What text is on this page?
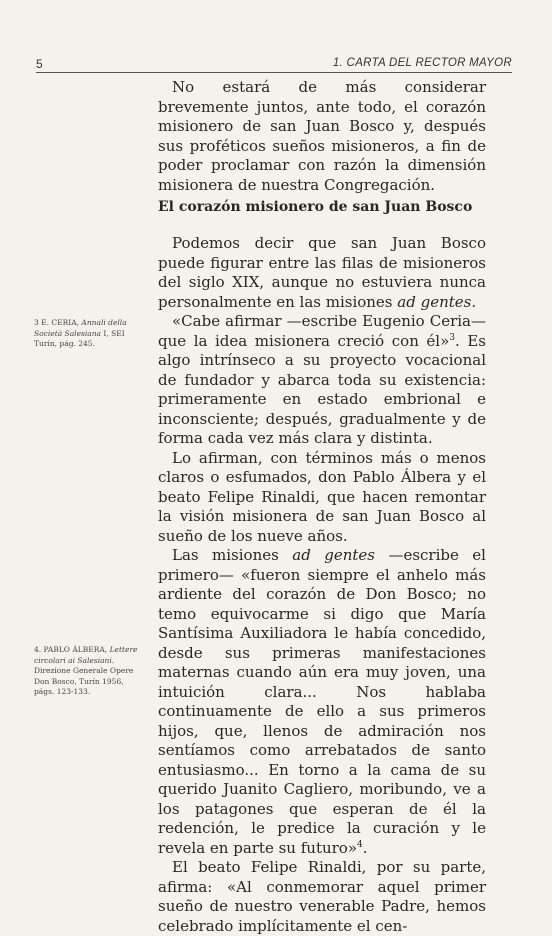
5	1. CARTA DEL RECTOR MAYOR

No estará de más considerar brevemente juntos, ante todo, el corazón misionero de san Juan Bosco y, después sus proféticos sueños misioneros, a fin de poder proclamar con razón la dimensión misionera de nuestra Congregación.

El corazón misionero de san Juan Bosco

Podemos decir que san Juan Bosco puede figurar entre las filas de misioneros del siglo XIX, aunque no estuviera nunca personalmente en las misiones ad gentes.

«Cabe afirmar —escribe Eugenio Ceria— que la idea misionera creció con él»$^3$. Es algo intrínseco a su proyecto vocacional de fundador y abarca toda su existencia: primeramente en estado embrional e inconsciente; después, gradualmente y de forma cada vez más clara y distinta.

Lo afirman, con términos más o menos claros o esfumados, don Pablo Álbera y el beato Felipe Rinaldi, que hacen remontar la visión misionera de san Juan Bosco al sueño de los nueve años.

Las misiones ad gentes —escribe el primero— «fueron siempre el anhelo más ardiente del corazón de Don Bosco; no temo equivocarme si digo que María Santísima Auxiliadora le había concedido, desde sus primeras manifestaciones maternas cuando aún era muy joven, una intuición clara... Nos hablaba continuamente de ello a sus primeros hijos, que, llenos de admiración nos sentíamos como arrebatados de santo entusiasmo... En torno a la cama de su querido Juanito Cagliero, moribundo, ve a los patagones que esperan de él la redención, le predice la curación y le revela en parte su futuro»$^4$.

El beato Felipe Rinaldi, por su parte, afirma: «Al conmemorar aquel primer sueño de nuestro venerable Padre, hemos celebrado implícitamente el cen-

3 E. CERIA, Annali della Società Salesiana I, SEI Turín, pág. 245.
4. PABLO ÁLBERA, Lettere circolari ai Salesiani. Direzione Generale Opere Don Bosco, Turín 1956, págs. 123-133.
